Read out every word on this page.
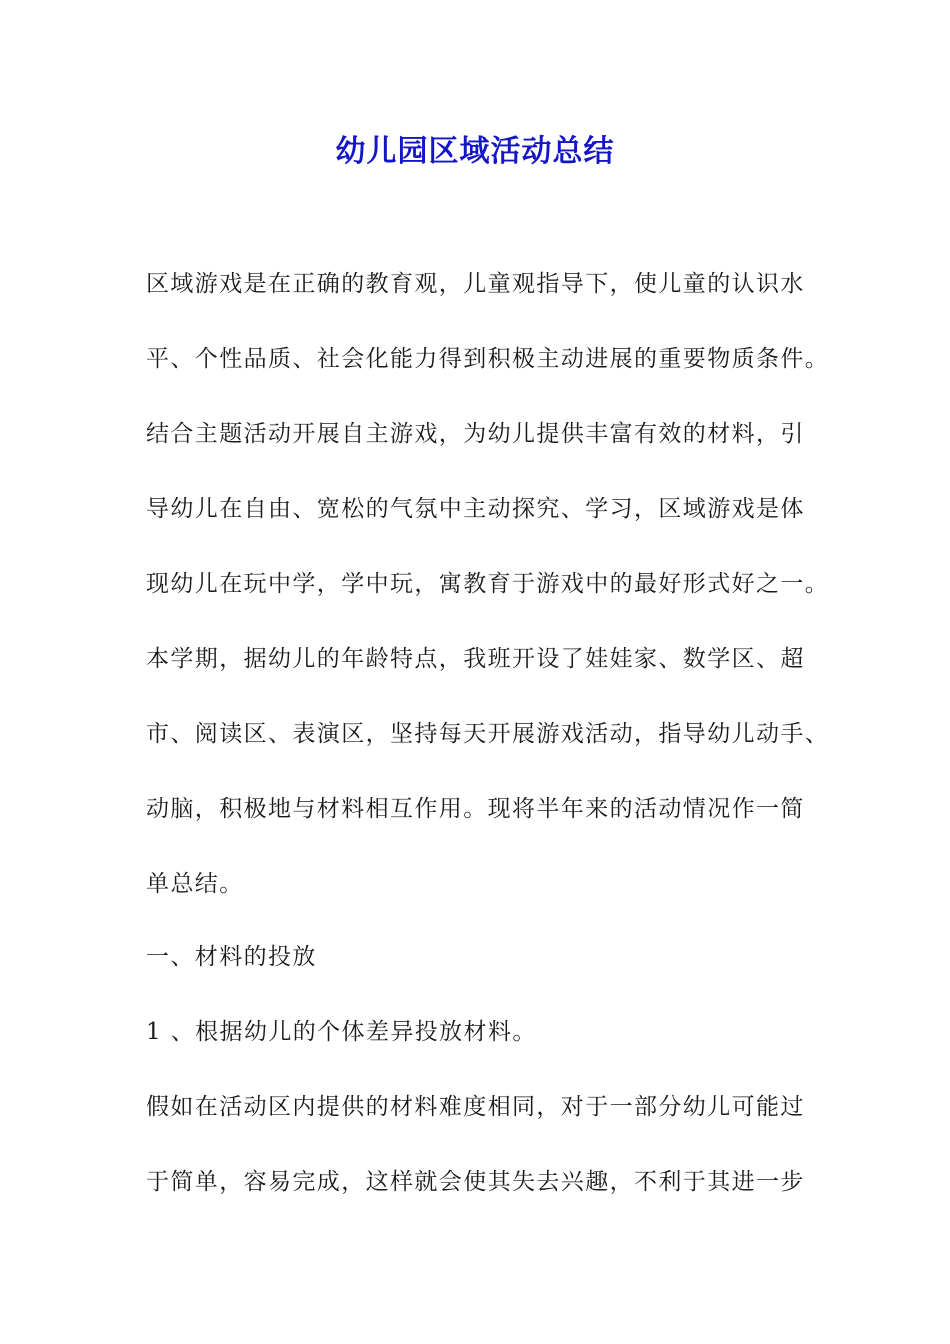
幼儿园区域活动总结
区域游戏是在正确的教育观，儿童观指导下，使儿童的认识水
平、个性品质、社会化能力得到积极主动进展的重要物质条件。
结合主题活动开展自主游戏，为幼儿提供丰富有效的材料，引
导幼儿在自由、宽松的气氛中主动探究、学习，区域游戏是体
现幼儿在玩中学，学中玩，寓教育于游戏中的最好形式好之一。
本学期，据幼儿的年龄特点，我班开设了娃娃家、数学区、超
市、阅读区、表演区，坚持每天开展游戏活动，指导幼儿动手、
动脑，积极地与材料相互作用。现将半年来的活动情况作一简
单总结。
一、材料的投放
1 、根据幼儿的个体差异投放材料。
假如在活动区内提供的材料难度相同，对于一部分幼儿可能过
于简单，容易完成，这样就会使其失去兴趣，不利于其进一步
